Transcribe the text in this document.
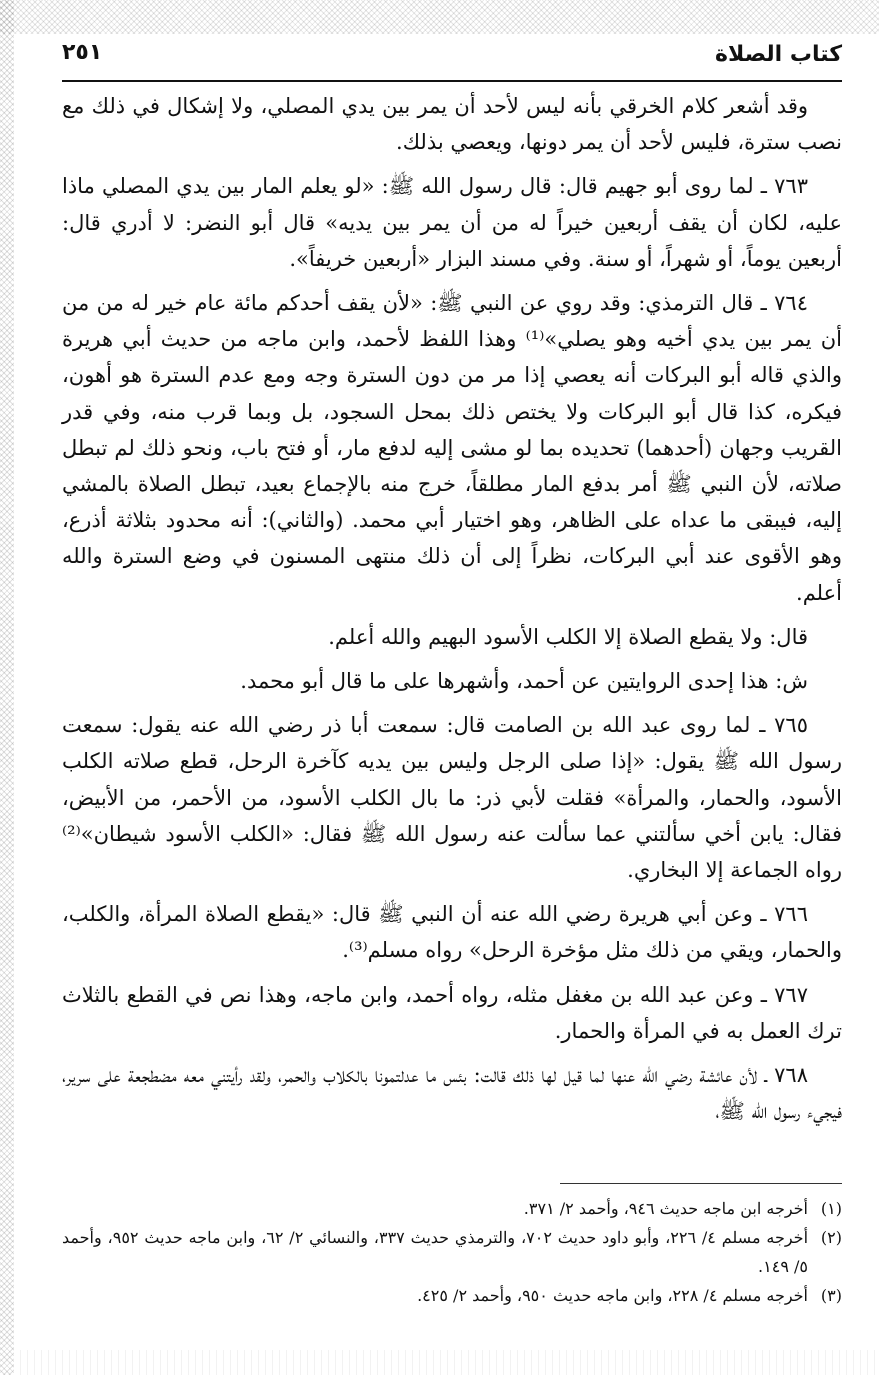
كتاب الصلاة
٢٥١

وقد أشعر كلام الخرقي بأنه ليس لأحد أن يمر بين يدي المصلي، ولا إشكال في ذلك مع نصب سترة، فليس لأحد أن يمر دونها، ويعصي بذلك.

٧٦٣ ـ لما روى أبو جهيم قال: قال رسول الله ﷺ: «لو يعلم المار بين يدي المصلي ماذا عليه، لكان أن يقف أربعين خيراً له من أن يمر بين يديه» قال أبو النضر: لا أدري قال: أربعين يوماً، أو شهراً، أو سنة. وفي مسند البزار «أربعين خريفاً».

٧٦٤ ـ قال الترمذي: وقد روي عن النبي ﷺ: «لأن يقف أحدكم مائة عام خير له من من أن يمر بين يدي أخيه وهو يصلي»⁽¹⁾ وهذا اللفظ لأحمد، وابن ماجه من حديث أبي هريرة والذي قاله أبو البركات أنه يعصي إذا مر من دون السترة وجه ومع عدم السترة هو أهون، فيكره، كذا قال أبو البركات ولا يختص ذلك بمحل السجود، بل وبما قرب منه، وفي قدر القريب وجهان (أحدهما) تحديده بما لو مشى إليه لدفع مار، أو فتح باب، ونحو ذلك لم تبطل صلاته، لأن النبي ﷺ أمر بدفع المار مطلقاً، خرج منه بالإجماع بعيد، تبطل الصلاة بالمشي إليه، فيبقى ما عداه على الظاهر، وهو اختيار أبي محمد. (والثاني): أنه محدود بثلاثة أذرع، وهو الأقوى عند أبي البركات، نظراً إلى أن ذلك منتهى المسنون في وضع السترة والله أعلم.

قال: ولا يقطع الصلاة إلا الكلب الأسود البهيم والله أعلم.

ش: هذا إحدى الروايتين عن أحمد، وأشهرها على ما قال أبو محمد.

٧٦٥ ـ لما روى عبد الله بن الصامت قال: سمعت أبا ذر رضي الله عنه يقول: سمعت رسول الله ﷺ يقول: «إذا صلى الرجل وليس بين يديه كآخرة الرحل، قطع صلاته الكلب الأسود، والحمار، والمرأة» فقلت لأبي ذر: ما بال الكلب الأسود، من الأحمر، من الأبيض، فقال: يابن أخي سألتني عما سألت عنه رسول الله ﷺ فقال: «الكلب الأسود شيطان»⁽²⁾ رواه الجماعة إلا البخاري.

٧٦٦ ـ وعن أبي هريرة رضي الله عنه أن النبي ﷺ قال: «يقطع الصلاة المرأة، والكلب، والحمار، ويقي من ذلك مثل مؤخرة الرحل» رواه مسلم⁽³⁾.

٧٦٧ ـ وعن عبد الله بن مغفل مثله، رواه أحمد، وابن ماجه، وهذا نص في القطع بالثلاث ترك العمل به في المرأة والحمار.

٧٦٨ ـ لأن عائشة رضي الله عنها لما قيل لها ذلك قالت: بئس ما عدلتمونا بالكلاب والحمر، ولقد رأيتني معه مضطجعة على سرير، فيجيء رسول الله ﷺ،

(١)
أخرجه ابن ماجه حديث ٩٤٦، وأحمد ٢/ ٣٧١.
(٢)
أخرجه مسلم ٤/ ٢٢٦، وأبو داود حديث ٧٠٢، والترمذي حديث ٣٣٧، والنسائي ٢/ ٦٢، وابن ماجه حديث ٩٥٢، وأحمد ٥/ ١٤٩.
(٣)
أخرجه مسلم ٤/ ٢٢٨، وابن ماجه حديث ٩٥٠، وأحمد ٢/ ٤٢٥.
